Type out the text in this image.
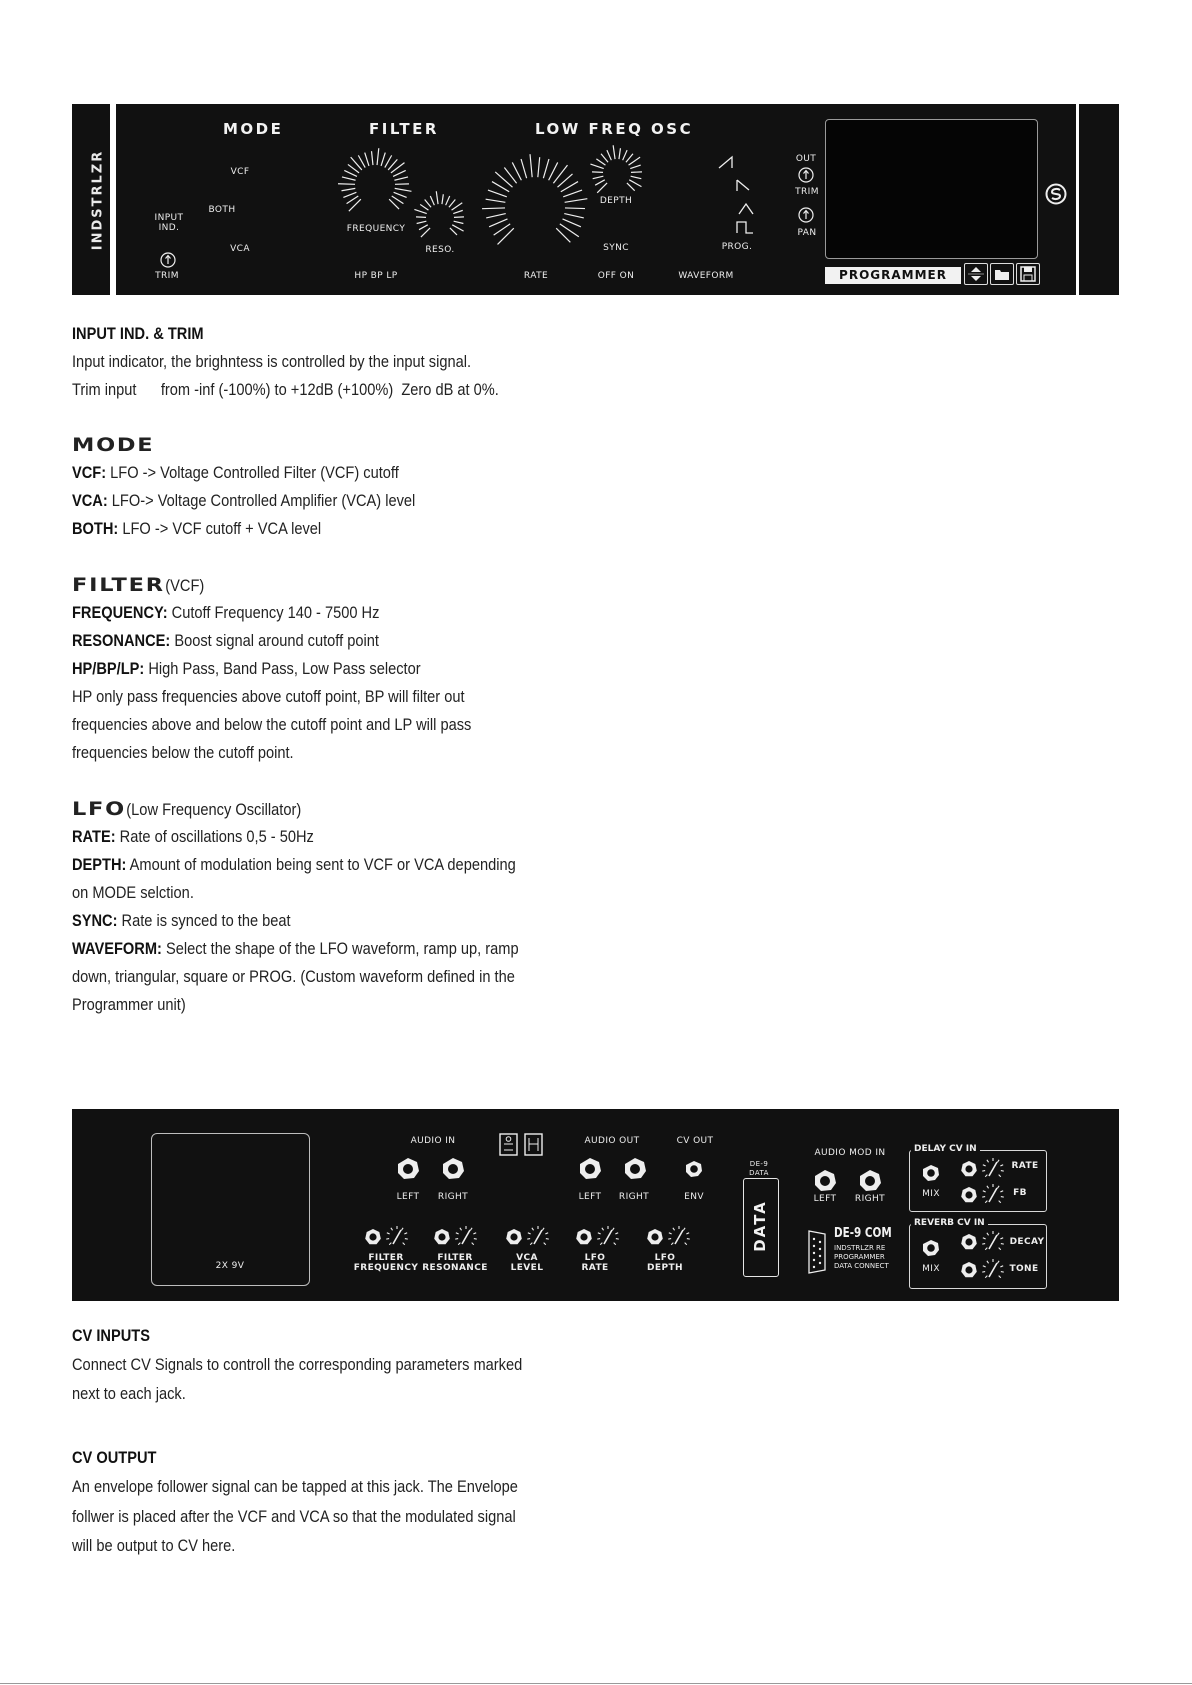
INDSTRLZR
MODE	FILTER	LOW FREQ OSC
INPUT
IND.
TRIM
VCF
BOTH
VCA
FREQUENCY
RESO.
HP BP LP	RATE
DEPTH
SYNC
OFF ON
PROG.
WAVEFORM
OUT
TRIM
PAN
PROGRAMMER
INPUT IND. & TRIM
Input indicator, the brighntess is controlled by the input signal.
Trim input      from -inf (-100%) to +12dB (+100%)  Zero dB at 0%.
MODE
VCF: LFO -> Voltage Controlled Filter (VCF) cutoff
VCA: LFO-> Voltage Controlled Amplifier (VCA) level
BOTH: LFO -> VCF cutoff + VCA level
FILTER(VCF)
FREQUENCY: Cutoff Frequency 140 - 7500 Hz
RESONANCE: Boost signal around cutoff point
HP/BP/LP: High Pass, Band Pass, Low Pass selector
HP only pass frequencies above cutoff point, BP will filter out
frequencies above and below the cutoff point and LP will pass
frequencies below the cutoff point.
LFO(Low Frequency Oscillator)
RATE: Rate of oscillations 0,5 - 50Hz
DEPTH: Amount of modulation being sent to VCF or VCA depending
on MODE selction.
SYNC: Rate is synced to the beat
WAVEFORM: Select the shape of the LFO waveform, ramp up, ramp
down, triangular, square or PROG. (Custom waveform defined in the
Programmer unit)
2X 9V
AUDIO IN
LEFT	RIGHT
AUDIO OUT
LEFT	RIGHT
CV OUT
ENV
DE-9
DATA
DATA	DE-9 COM
INDSTRLZR RE
PROGRAMMER
DATA CONNECT
AUDIO MOD IN
LEFT	RIGHT
DELAY CV IN
MIX
RATE
FB
REVERB CV IN
MIX
DECAY
TONE
FILTER
FREQUENCY
FILTER
RESONANCE
VCA
LEVEL
LFO
RATE
LFO
DEPTH
CV INPUTS
Connect CV Signals to controll the corresponding parameters marked
next to each jack.
CV OUTPUT
An envelope follower signal can be tapped at this jack. The Envelope
follwer is placed after the VCF and VCA so that the modulated signal
will be output to CV here.
